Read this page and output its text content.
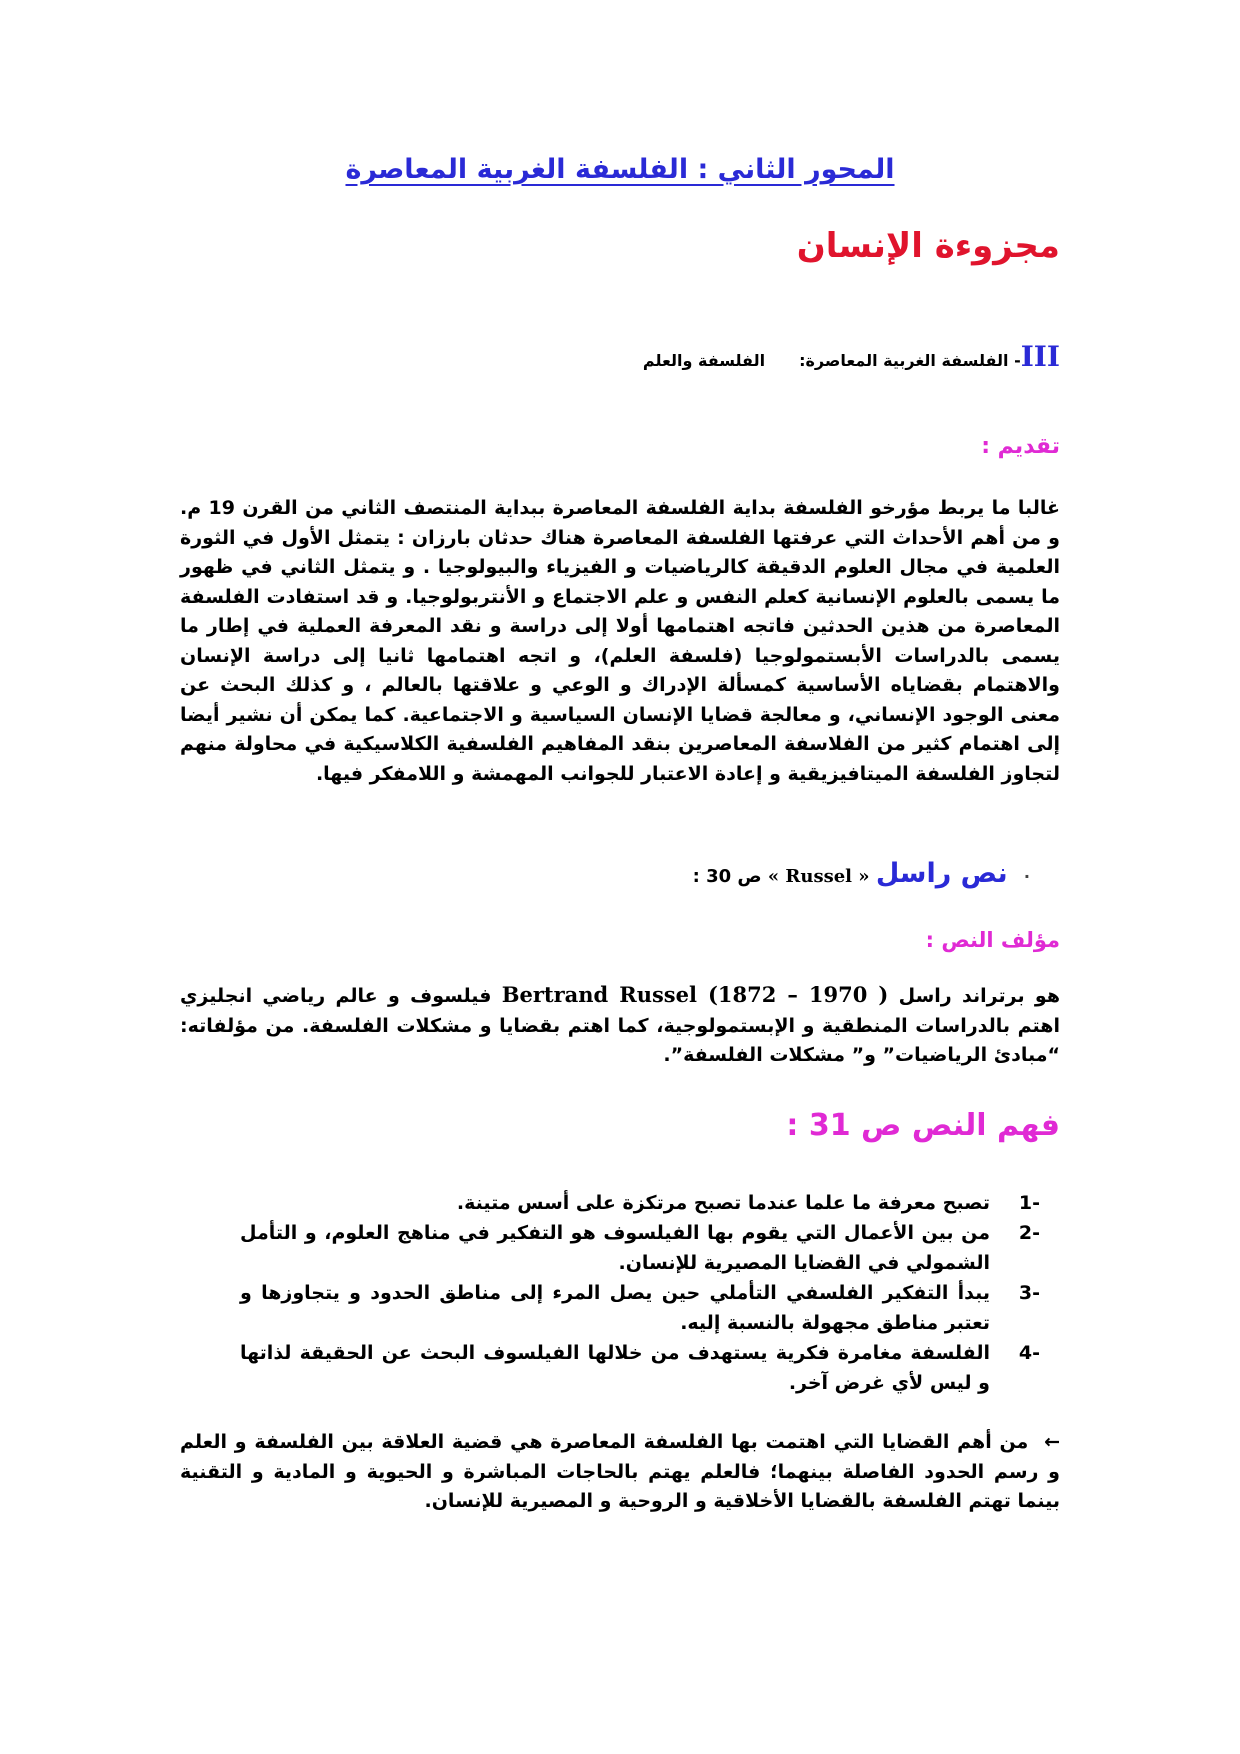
المحور الثاني : الفلسفة الغربية المعاصرة
مجزوءة الإنسان
III- الفلسفة الغربية المعاصرة:الفلسفة والعلم
تقديم :
غالبا ما يربط مؤرخو الفلسفة بداية الفلسفة المعاصرة ببداية المنتصف الثاني من القرن 19 م. و من أهم الأحداث التي عرفتها الفلسفة المعاصرة هناك حدثان بارزان : يتمثل الأول في الثورة العلمية في مجال العلوم الدقيقة كالرياضيات و الفيزياء والبيولوجيا . و يتمثل الثاني في ظهور ما يسمى بالعلوم الإنسانية كعلم النفس و علم الاجتماع و الأنتربولوجيا. و قد استفادت الفلسفة المعاصرة من هذين الحدثين فاتجه اهتمامها أولا إلى دراسة و نقد المعرفة العملية في إطار ما يسمى بالدراسات الأبستمولوجيا (فلسفة العلم)، و اتجه اهتمامها ثانيا إلى دراسة الإنسان والاهتمام بقضاياه الأساسية كمسألة الإدراك و الوعي و علاقتها بالعالم ، و كذلك البحث عن معنى الوجود الإنساني، و معالجة قضايا الإنسان السياسية و الاجتماعية. كما يمكن أن نشير أيضا إلى اهتمام كثير من الفلاسفة المعاصرين بنقد المفاهيم الفلسفية الكلاسيكية في محاولة منهم لتجاوز الفلسفة الميتافيزيقية و إعادة الاعتبار للجوانب المهمشة و اللامفكر فيها.
· نص راسل « Russel » ص 30 :
مؤلف النص :
هو برتراند راسل Bertrand Russel (1872 – 1970 ) فيلسوف و عالم رياضي انجليزي اهتم بالدراسات المنطقية و الإبستمولوجية، كما اهتم بقضايا و مشكلات الفلسفة. من مؤلفاته: “مبادئ الرياضيات” و” مشكلات الفلسفة”.
فهم النص ص 31 :
-1
تصبح معرفة ما علما عندما تصبح مرتكزة على أسس متينة.
-2
من بين الأعمال التي يقوم بها الفيلسوف هو التفكير في مناهج العلوم، و التأمل الشمولي في القضايا المصيرية للإنسان.
-3
يبدأ التفكير الفلسفي التأملي حين يصل المرء إلى مناطق الحدود و يتجاوزها و تعتبر مناطق مجهولة بالنسبة إليه.
-4
الفلسفة مغامرة فكرية يستهدف من خلالها الفيلسوف البحث عن الحقيقة لذاتها و ليس لأي غرض آخر.
← من أهم القضايا التي اهتمت بها الفلسفة المعاصرة هي قضية العلاقة بين الفلسفة و العلم و رسم الحدود الفاصلة بينهما؛ فالعلم يهتم بالحاجات المباشرة و الحيوية و المادية و التقنية بينما تهتم الفلسفة بالقضايا الأخلاقية و الروحية و المصيرية للإنسان.
